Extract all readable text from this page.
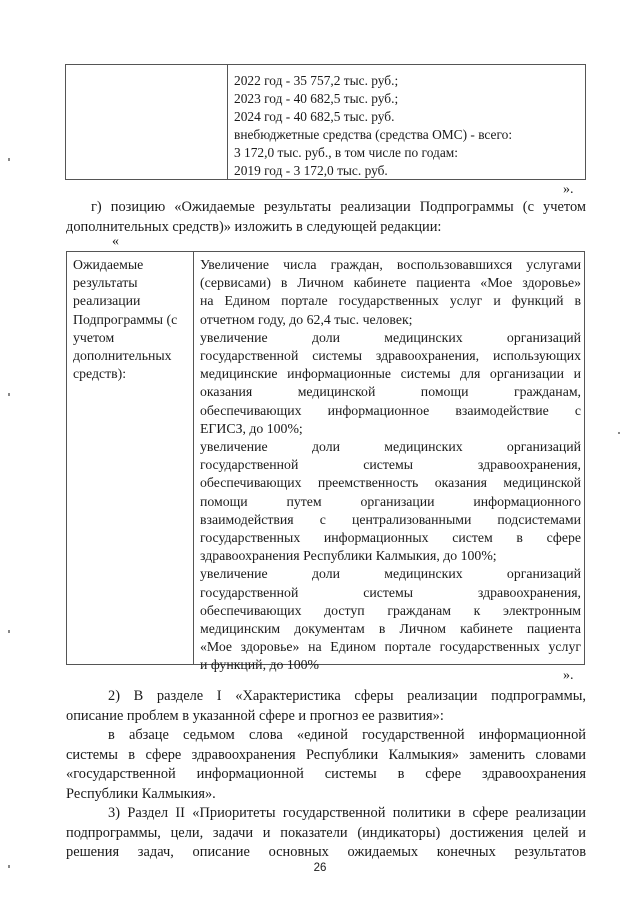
2022 год - 35 757,2 тыс. руб.;
2023 год - 40 682,5 тыс. руб.;
2024 год - 40 682,5 тыс. руб.
внебюджетные средства (средства ОМС) - всего:
3 172,0 тыс. руб., в том числе по годам:
2019 год - 3 172,0 тыс. руб.
».
г) позицию «Ожидаемые результаты реализации Подпрограммы (с учетом
дополнительных средств)» изложить в следующей редакции:
«
Ожидаемые
результаты
реализации
Подпрограммы (с
учетом
дополнительных
средств):
Увеличение числа граждан, воспользовавшихся услугами
(сервисами) в Личном кабинете пациента «Мое здоровье»
на Едином портале государственных услуг и функций в
отчетном году, до 62,4 тыс. человек;
увеличение доли медицинских организаций
государственной системы здравоохранения, использующих
медицинские информационные системы для организации и
оказания медицинской помощи гражданам,
обеспечивающих информационное взаимодействие с
ЕГИСЗ, до 100%;
увеличение доли медицинских организаций
государственной системы здравоохранения,
обеспечивающих преемственность оказания медицинской
помощи путем организации информационного
взаимодействия с централизованными подсистемами
государственных информационных систем в сфере
здравоохранения Республики Калмыкия, до 100%;
увеличение доли медицинских организаций
государственной системы здравоохранения,
обеспечивающих доступ гражданам к электронным
медицинским документам в Личном кабинете пациента
«Мое здоровье» на Едином портале государственных услуг
и функций, до 100%
».
2) В разделе I «Характеристика сферы реализации подпрограммы,
описание проблем в указанной сфере и прогноз ее развития»:
в абзаце седьмом слова «единой государственной информационной
системы в сфере здравоохранения Республики Калмыкия» заменить словами
«государственной информационной системы в сфере здравоохранения
Республики Калмыкия».
3) Раздел II «Приоритеты государственной политики в сфере реализации
подпрограммы, цели, задачи и показатели (индикаторы) достижения целей и
решения задач, описание основных ожидаемых конечных результатов
26
